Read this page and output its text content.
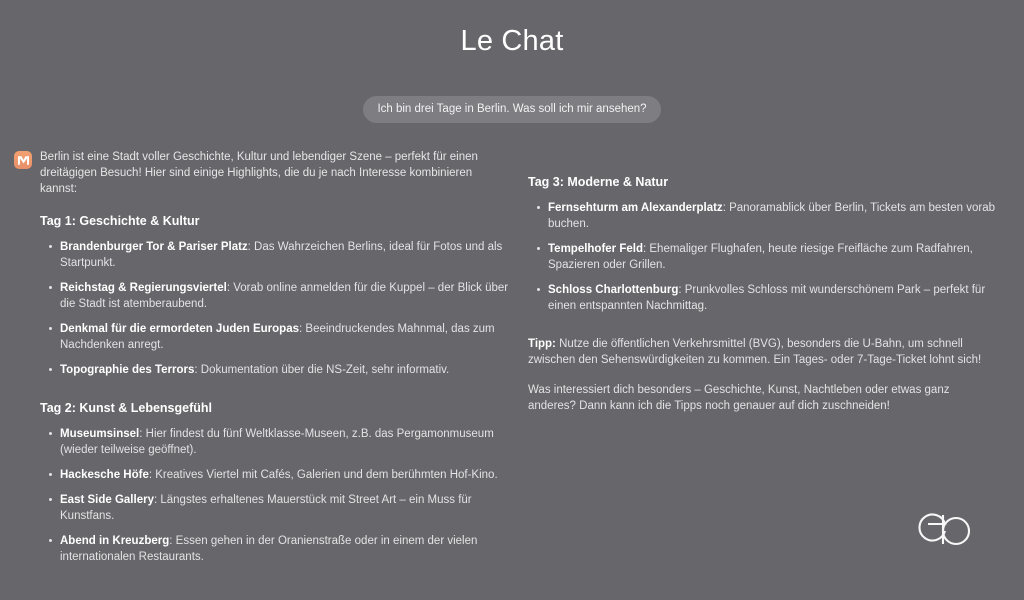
Le Chat
Ich bin drei Tage in Berlin. Was soll ich mir ansehen?

Berlin ist eine Stadt voller Geschichte, Kultur und lebendiger Szene – perfekt für einen dreitägigen Besuch! Hier sind einige Highlights, die du je nach Interesse kombinieren kannst:

Tag 1: Geschichte & Kultur
Brandenburger Tor & Pariser Platz: Das Wahrzeichen Berlins, ideal für Fotos und als Startpunkt.
Reichstag & Regierungsviertel: Vorab online anmelden für die Kuppel – der Blick über die Stadt ist atemberaubend.
Denkmal für die ermordeten Juden Europas: Beeindruckendes Mahnmal, das zum Nachdenken anregt.
Topographie des Terrors: Dokumentation über die NS-Zeit, sehr informativ.
Tag 2: Kunst & Lebensgefühl
Museumsinsel: Hier findest du fünf Weltklasse-Museen, z.B. das Pergamonmuseum (wieder teilweise geöffnet).
Hackesche Höfe: Kreatives Viertel mit Cafés, Galerien und dem berühmten Hof-Kino.
East Side Gallery: Längstes erhaltenes Mauerstück mit Street Art – ein Muss für Kunstfans.
Abend in Kreuzberg: Essen gehen in der Oranienstraße oder in einem der vielen internationalen Restaurants.
Tag 3: Moderne & Natur
Fernsehturm am Alexanderplatz: Panoramablick über Berlin, Tickets am besten vorab buchen.
Tempelhofer Feld: Ehemaliger Flughafen, heute riesige Freifläche zum Radfahren, Spazieren oder Grillen.
Schloss Charlottenburg: Prunkvolles Schloss mit wunderschönem Park – perfekt für einen entspannten Nachmittag.

Tipp: Nutze die öffentlichen Verkehrsmittel (BVG), besonders die U-Bahn, um schnell zwischen den Sehenswürdigkeiten zu kommen. Ein Tages- oder 7-Tage-Ticket lohnt sich!

Was interessiert dich besonders – Geschichte, Kunst, Nachtleben oder etwas ganz anderes? Dann kann ich die Tipps noch genauer auf dich zuschneiden!
